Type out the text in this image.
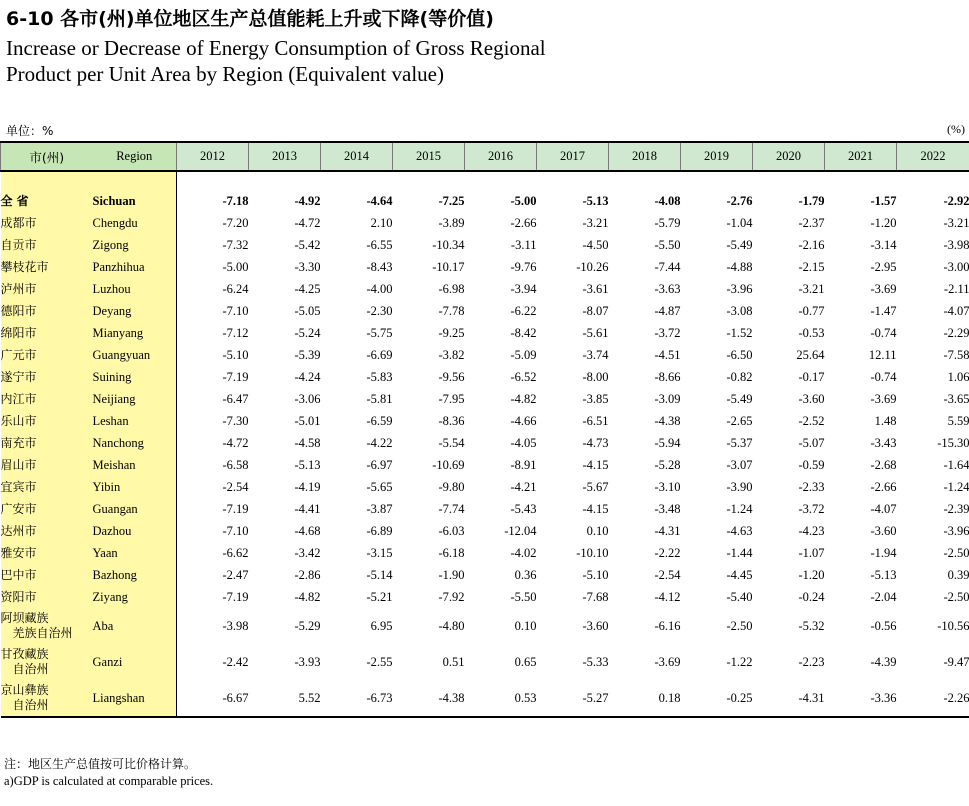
6-10 各市(州)单位地区生产总值能耗上升或下降(等价值)
Increase or Decrease of Energy Consumption of Gross Regional
Product per Unit Area by Region (Equivalent value)
单位：%	(%)
市(州)	Region	2012	2013	2014	2015	2016	2017	2018	2019	2020	2021	2022

全 省	Sichuan	-7.18	-4.92	-4.64	-7.25	-5.00	-5.13	-4.08	-2.76	-1.79	-1.57	-2.92

成都市	Chengdu	-7.20	-4.72	2.10	-3.89	-2.66	-3.21	-5.79	-1.04	-2.37	-1.20	-3.21

自贡市	Zigong	-7.32	-5.42	-6.55	-10.34	-3.11	-4.50	-5.50	-5.49	-2.16	-3.14	-3.98

攀枝花市	Panzhihua	-5.00	-3.30	-8.43	-10.17	-9.76	-10.26	-7.44	-4.88	-2.15	-2.95	-3.00

泸州市	Luzhou	-6.24	-4.25	-4.00	-6.98	-3.94	-3.61	-3.63	-3.96	-3.21	-3.69	-2.11

德阳市	Deyang	-7.10	-5.05	-2.30	-7.78	-6.22	-8.07	-4.87	-3.08	-0.77	-1.47	-4.07

绵阳市	Mianyang	-7.12	-5.24	-5.75	-9.25	-8.42	-5.61	-3.72	-1.52	-0.53	-0.74	-2.29

广元市	Guangyuan	-5.10	-5.39	-6.69	-3.82	-5.09	-3.74	-4.51	-6.50	25.64	12.11	-7.58

遂宁市	Suining	-7.19	-4.24	-5.83	-9.56	-6.52	-8.00	-8.66	-0.82	-0.17	-0.74	1.06

内江市	Neijiang	-6.47	-3.06	-5.81	-7.95	-4.82	-3.85	-3.09	-5.49	-3.60	-3.69	-3.65

乐山市	Leshan	-7.30	-5.01	-6.59	-8.36	-4.66	-6.51	-4.38	-2.65	-2.52	1.48	5.59

南充市	Nanchong	-4.72	-4.58	-4.22	-5.54	-4.05	-4.73	-5.94	-5.37	-5.07	-3.43	-15.30

眉山市	Meishan	-6.58	-5.13	-6.97	-10.69	-8.91	-4.15	-5.28	-3.07	-0.59	-2.68	-1.64

宜宾市	Yibin	-2.54	-4.19	-5.65	-9.80	-4.21	-5.67	-3.10	-3.90	-2.33	-2.66	-1.24

广安市	Guangan	-7.19	-4.41	-3.87	-7.74	-5.43	-4.15	-3.48	-1.24	-3.72	-4.07	-2.39

达州市	Dazhou	-7.10	-4.68	-6.89	-6.03	-12.04	0.10	-4.31	-4.63	-4.23	-3.60	-3.96

雅安市	Yaan	-6.62	-3.42	-3.15	-6.18	-4.02	-10.10	-2.22	-1.44	-1.07	-1.94	-2.50

巴中市	Bazhong	-2.47	-2.86	-5.14	-1.90	0.36	-5.10	-2.54	-4.45	-1.20	-5.13	0.39

资阳市	Ziyang	-7.19	-4.82	-5.21	-7.92	-5.50	-7.68	-4.12	-5.40	-0.24	-2.04	-2.50

阿坝藏族
羌族自治州	Aba	-3.98	-5.29	6.95	-4.80	0.10	-3.60	-6.16	-2.50	-5.32	-0.56	-10.56

甘孜藏族
自治州	Ganzi	-2.42	-3.93	-2.55	0.51	0.65	-5.33	-3.69	-1.22	-2.23	-4.39	-9.47

京山彝族
自治州	Liangshan	-6.67	5.52	-6.73	-4.38	0.53	-5.27	0.18	-0.25	-4.31	-3.36	-2.26
注：地区生产总值按可比价格计算。
a)GDP is calculated at comparable prices.
